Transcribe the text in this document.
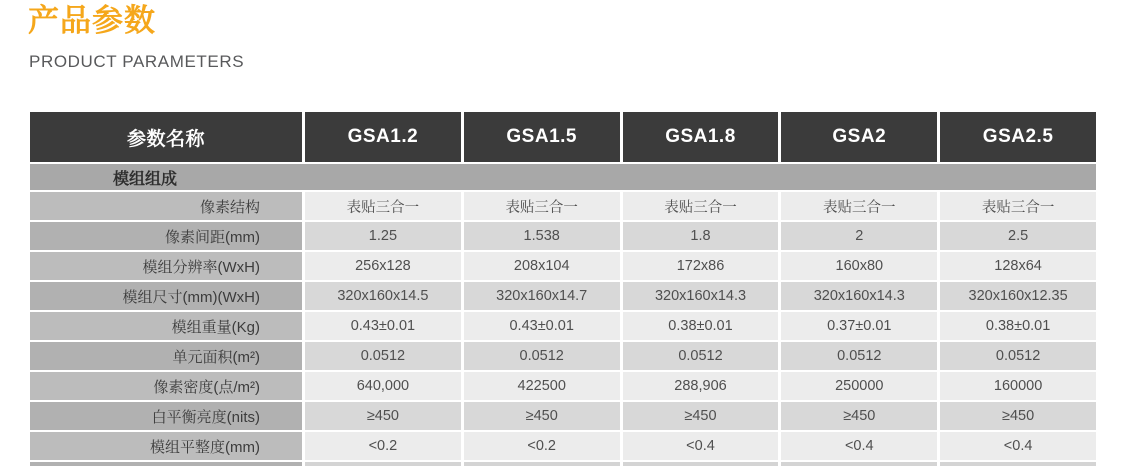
产品参数
PRODUCT PARAMETERS
参数名称	GSA1.2	GSA1.5	GSA1.8	GSA2	GSA2.5
模组组成
像素结构	表贴三合一	表贴三合一	表贴三合一	表贴三合一	表贴三合一
像素间距(mm)	1.25	1.538	1.8	2	2.5
模组分辨率(WxH)	256x128	208x104	172x86	160x80	128x64
模组尺寸(mm)(WxH)	320x160x14.5	320x160x14.7	320x160x14.3	320x160x14.3	320x160x12.35
模组重量(Kg)	0.43±0.01	0.43±0.01	0.38±0.01	0.37±0.01	0.38±0.01
单元面积(m²)	0.0512	0.0512	0.0512	0.0512	0.0512
像素密度(点/m²)	640,000	422500	288,906	250000	160000
白平衡亮度(nits)	≥450	≥450	≥450	≥450	≥450
模组平整度(mm)	<0.2	<0.2	<0.4	<0.4	<0.4
